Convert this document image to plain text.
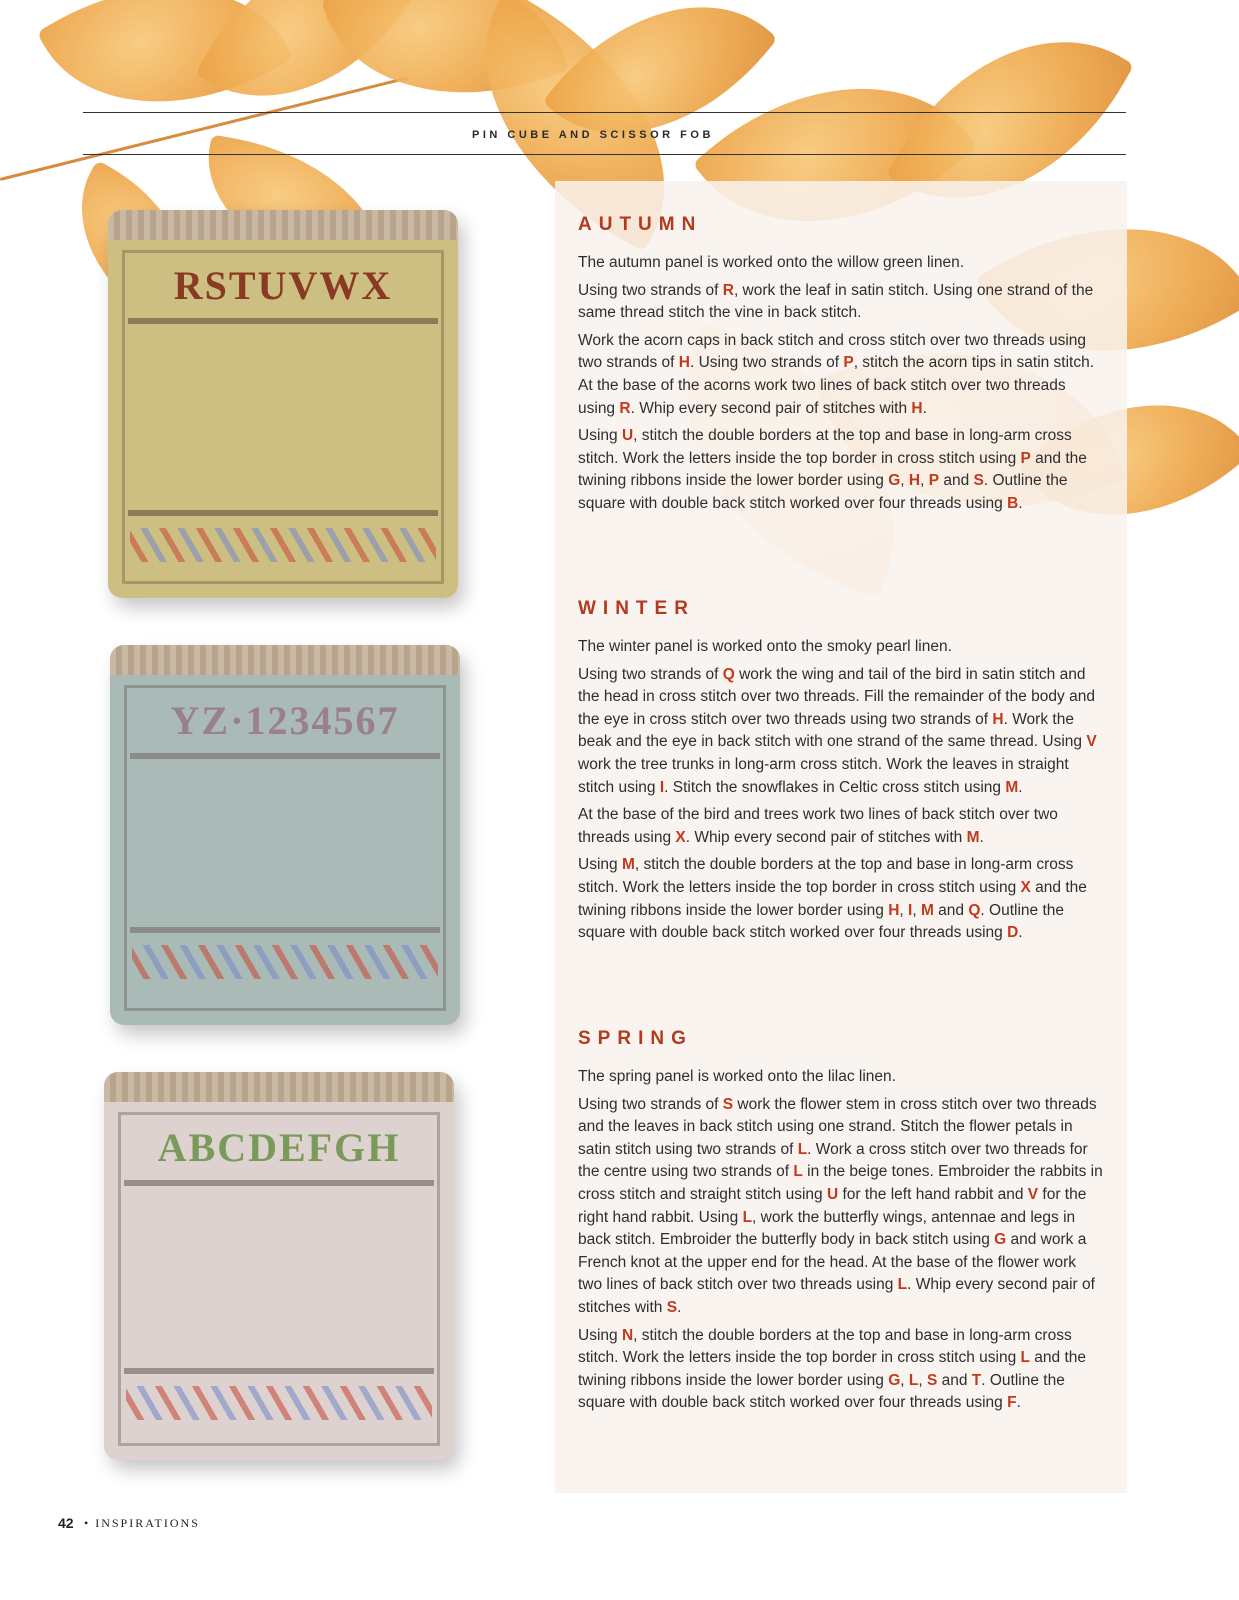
PIN CUBE AND SCISSOR FOB
RSTUVWX
YZ·1234567
ABCDEFGH
AUTUMN

The autumn panel is worked onto the willow green linen.

Using two strands of R, work the leaf in satin stitch. Using one strand of the same thread stitch the vine in back stitch.

Work the acorn caps in back stitch and cross stitch over two threads using two strands of H. Using two strands of P, stitch the acorn tips in satin stitch. At the base of the acorns work two lines of back stitch over two threads using R. Whip every second pair of stitches with H.

Using U, stitch the double borders at the top and base in long-arm cross stitch. Work the letters inside the top border in cross stitch using P and the twining ribbons inside the lower border using G, H, P and S. Outline the square with double back stitch worked over four threads using B.

WINTER

The winter panel is worked onto the smoky pearl linen.

Using two strands of Q work the wing and tail of the bird in satin stitch and the head in cross stitch over two threads. Fill the remainder of the body and the eye in cross stitch over two threads using two strands of H. Work the beak and the eye in back stitch with one strand of the same thread. Using V work the tree trunks in long-arm cross stitch. Work the leaves in straight stitch using I. Stitch the snowflakes in Celtic cross stitch using M.

At the base of the bird and trees work two lines of back stitch over two threads using X. Whip every second pair of stitches with M.

Using M, stitch the double borders at the top and base in long-arm cross stitch. Work the letters inside the top border in cross stitch using X and the twining ribbons inside the lower border using H, I, M and Q. Outline the square with double back stitch worked over four threads using D.

SPRING

The spring panel is worked onto the lilac linen.

Using two strands of S work the flower stem in cross stitch over two threads and the leaves in back stitch using one strand. Stitch the flower petals in satin stitch using two strands of L. Work a cross stitch over two threads for the centre using two strands of L in the beige tones. Embroider the rabbits in cross stitch and straight stitch using U for the left hand rabbit and V for the right hand rabbit. Using L, work the butterfly wings, antennae and legs in back stitch. Embroider the butterfly body in back stitch using G and work a French knot at the upper end for the head. At the base of the flower work two lines of back stitch over two threads using L. Whip every second pair of stitches with S.

Using N, stitch the double borders at the top and base in long-arm cross stitch. Work the letters inside the top border in cross stitch using L and the twining ribbons inside the lower border using G, L, S and T. Outline the square with double back stitch worked over four threads using F.

42 • INSPIRATIONS
